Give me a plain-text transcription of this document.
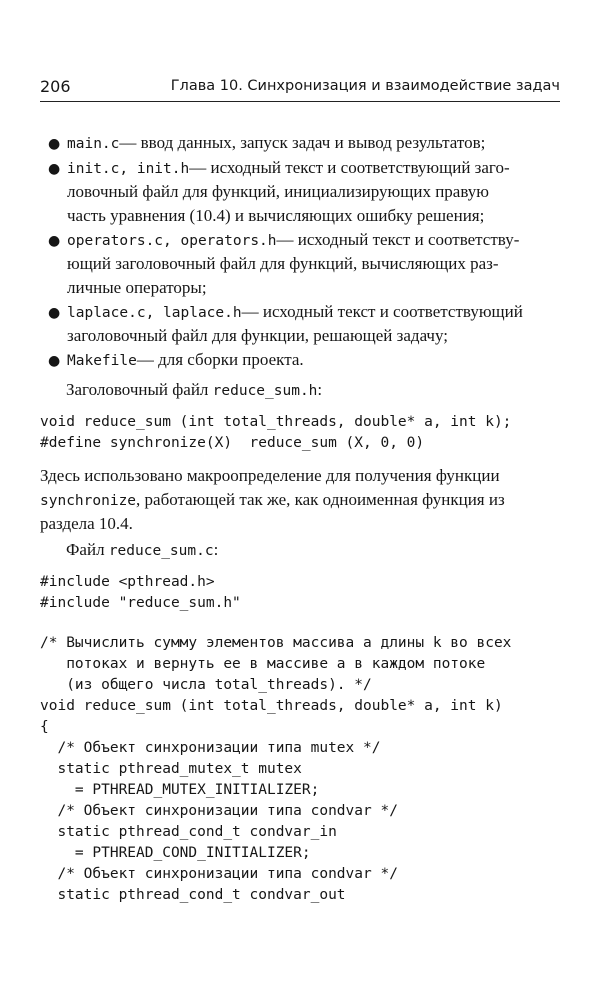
206	Глава 10. Синхронизация и взаимодействие задач
● main.c— ввод данных, запуск задач и вывод результатов;
● init.c, init.h— исходный текст и соответствующий заго-
ловочный файл для функций, инициализирующих правую
часть уравнения (10.4) и вычисляющих ошибку решения;
● operators.c, operators.h— исходный текст и соответству-
ющий заголовочный файл для функций, вычисляющих раз-
личные операторы;
● laplace.c, laplace.h— исходный текст и соответствующий
заголовочный файл для функции, решающей задачу;
● Makefile— для сборки проекта.
Заголовочный файл reduce_sum.h:
void reduce_sum (int total_threads, double* a, int k);
#define synchronize(X)  reduce_sum (X, 0, 0)
Здесь использовано макроопределение для получения функции
synchronize, работающей так же, как одноименная функция из
раздела 10.4.
Файл reduce_sum.c:
#include <pthread.h>
#include "reduce_sum.h"
/* Вычислить сумму элементов массива a длины k во всех
потоках и вернуть ее в массиве a в каждом потоке
(из общего числа total_threads). */
void reduce_sum (int total_threads, double* a, int k)
{
/* Объект синхронизации типа mutex */
static pthread_mutex_t mutex
= PTHREAD_MUTEX_INITIALIZER;
/* Объект синхронизации типа condvar */
static pthread_cond_t condvar_in
= PTHREAD_COND_INITIALIZER;
/* Объект синхронизации типа condvar */
static pthread_cond_t condvar_out
